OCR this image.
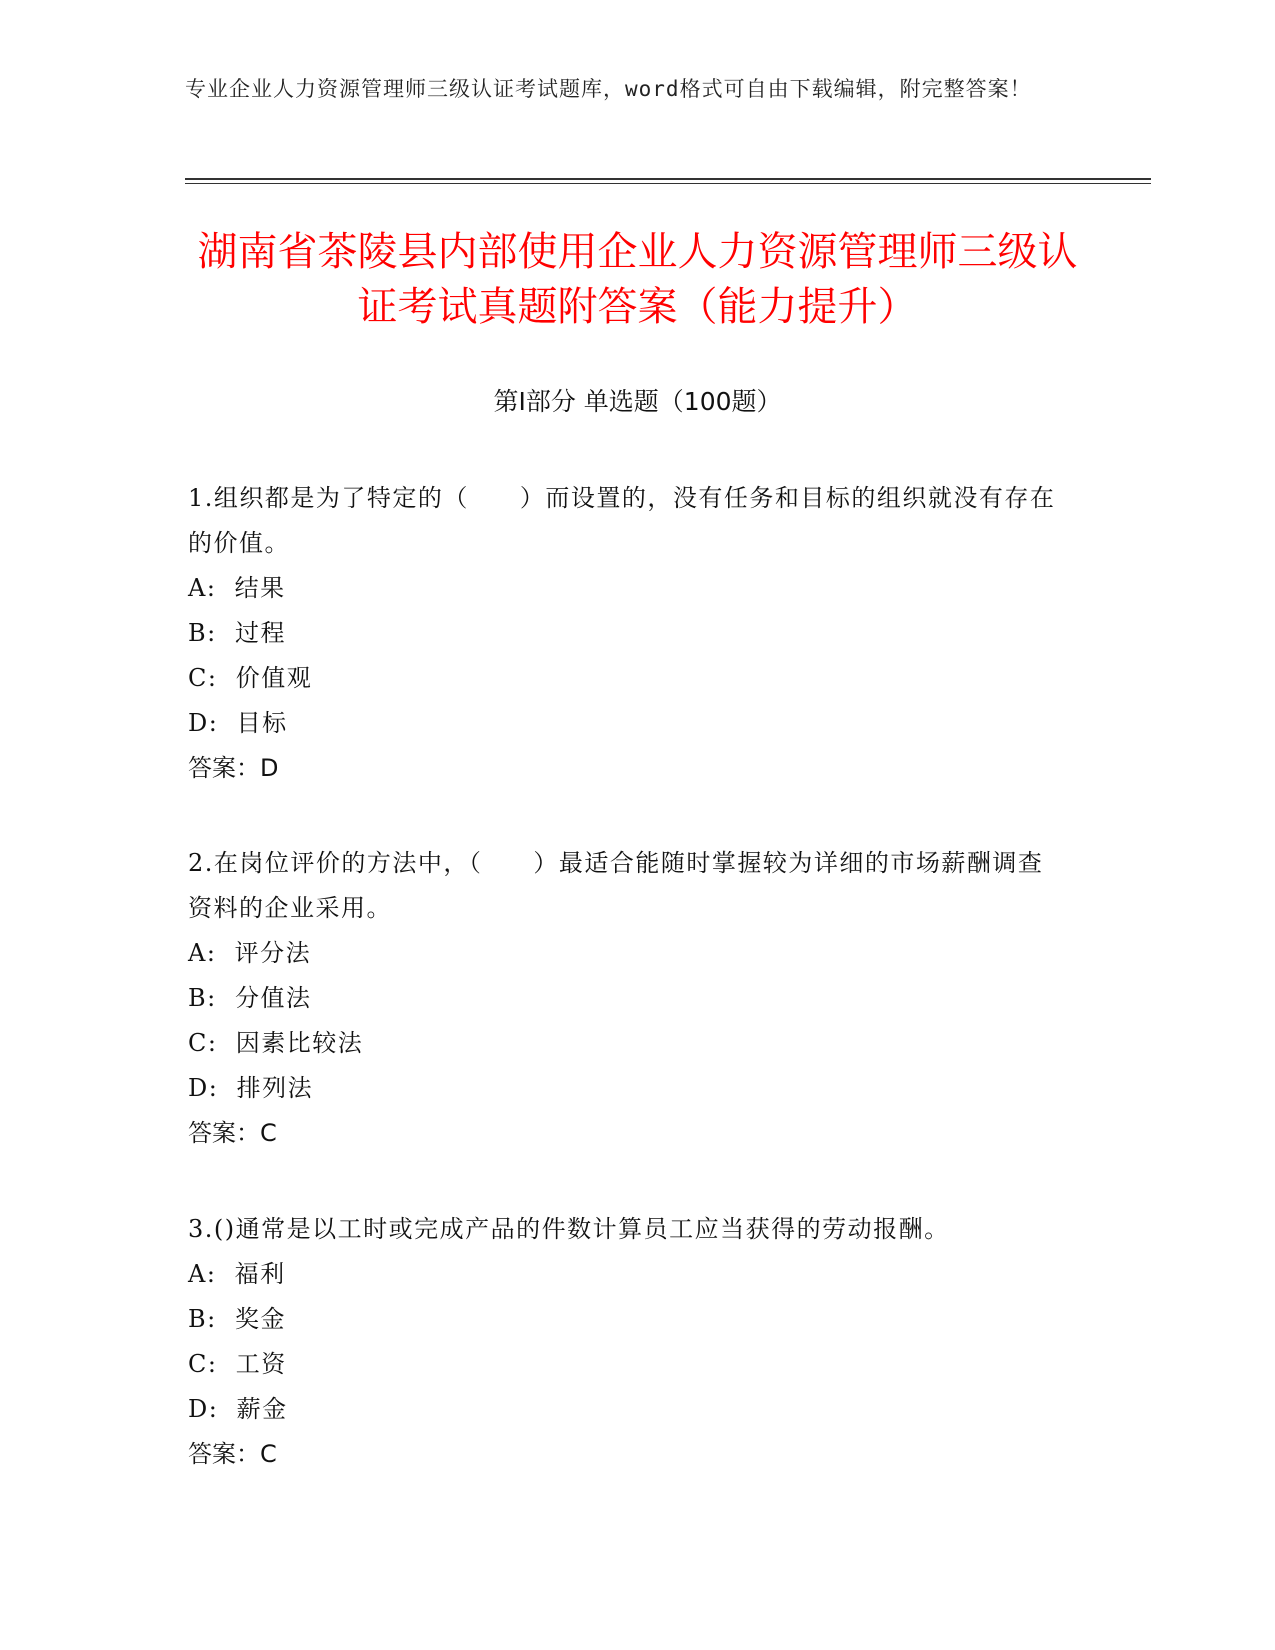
专业企业人力资源管理师三级认证考试题库，word格式可自由下载编辑，附完整答案！
湖南省茶陵县内部使用企业人力资源管理师三级认证考试真题附答案（能力提升）
第Ⅰ部分 单选题（100题）

1.组织都是为了特定的（　　）而设置的，没有任务和目标的组织就没有存在的价值。

A:  结果
B:  过程
C:  价值观
D:  目标
答案：D

2.在岗位评价的方法中，（　　）最适合能随时掌握较为详细的市场薪酬调查资料的企业采用。

A:  评分法
B:  分值法
C:  因素比较法
D:  排列法
答案：C

3.()通常是以工时或完成产品的件数计算员工应当获得的劳动报酬。

A:  福利
B:  奖金
C:  工资
D:  薪金
答案：C
